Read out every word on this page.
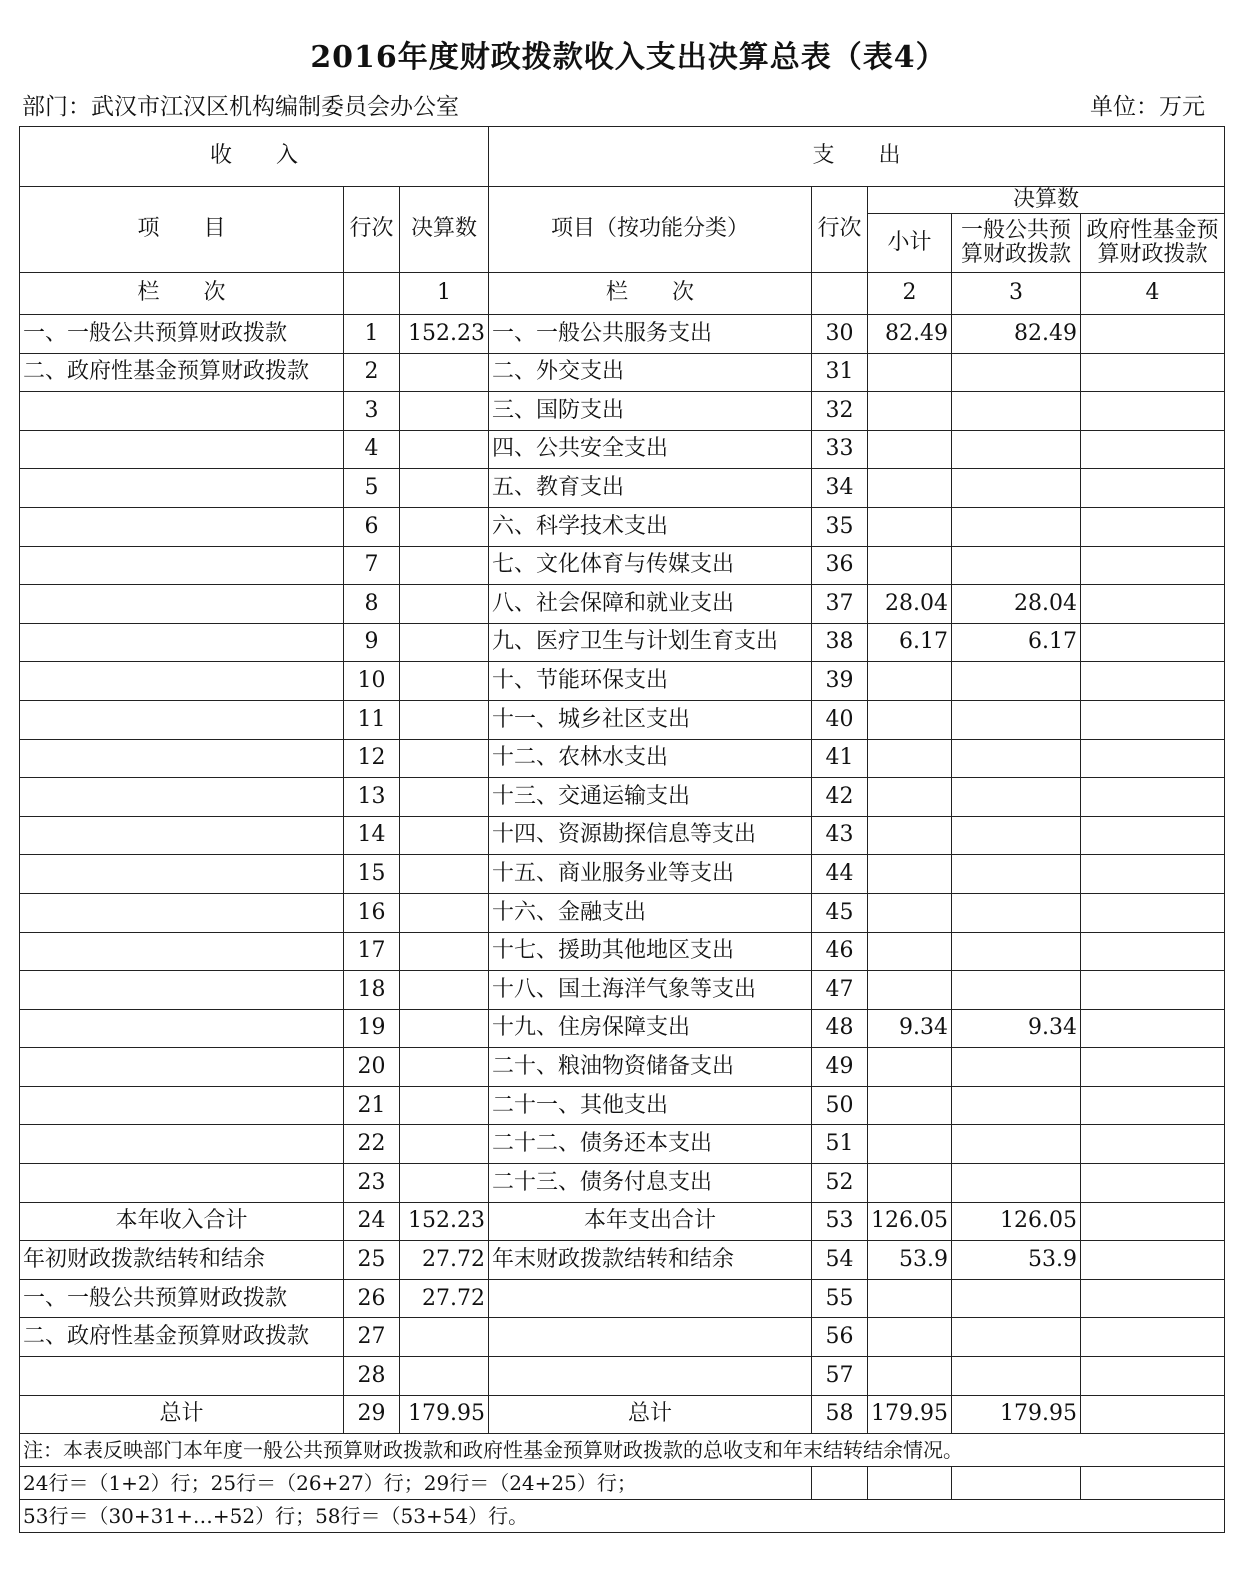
2016年度财政拨款收入支出决算总表（表4）
部门：武汉市江汉区机构编制委员会办公室	单位：万元
收　　入			支　　出				
项　　目	行次	决算数	项目（按功能分类）	行次	决算数		
					小计	一般公共预算财政拨款	政府性基金预算财政拨款
栏　　次		1	栏　　次		2	3	4
一、一般公共预算财政拨款	1	152.23	一、一般公共服务支出	30	82.49	82.49	
二、政府性基金预算财政拨款	2		二、外交支出	31			
	3		三、国防支出	32			
	4		四、公共安全支出	33			
	5		五、教育支出	34			
	6		六、科学技术支出	35			
	7		七、文化体育与传媒支出	36			
	8		八、社会保障和就业支出	37	28.04	28.04	
	9		九、医疗卫生与计划生育支出	38	6.17	6.17	
	10		十、节能环保支出	39			
	11		十一、城乡社区支出	40			
	12		十二、农林水支出	41			
	13		十三、交通运输支出	42			
	14		十四、资源勘探信息等支出	43			
	15		十五、商业服务业等支出	44			
	16		十六、金融支出	45			
	17		十七、援助其他地区支出	46			
	18		十八、国土海洋气象等支出	47			
	19		十九、住房保障支出	48	9.34	9.34	
	20		二十、粮油物资储备支出	49			
	21		二十一、其他支出	50			
	22		二十二、债务还本支出	51			
	23		二十三、债务付息支出	52			
本年收入合计	24	152.23	本年支出合计	53	126.05	126.05	
年初财政拨款结转和结余	25	27.72	年末财政拨款结转和结余	54	53.9	53.9	
一、一般公共预算财政拨款	26	27.72		55			
二、政府性基金预算财政拨款	27			56			
	28			57			
总计	29	179.95	总计	58	179.95	179.95	
注：本表反映部门本年度一般公共预算财政拨款和政府性基金预算财政拨款的总收支和年末结转结余情况。							
24行＝（1+2）行；25行＝（26+27）行；29行＝（24+25）行；							
53行＝（30+31+…+52）行；58行＝（53+54）行。							
